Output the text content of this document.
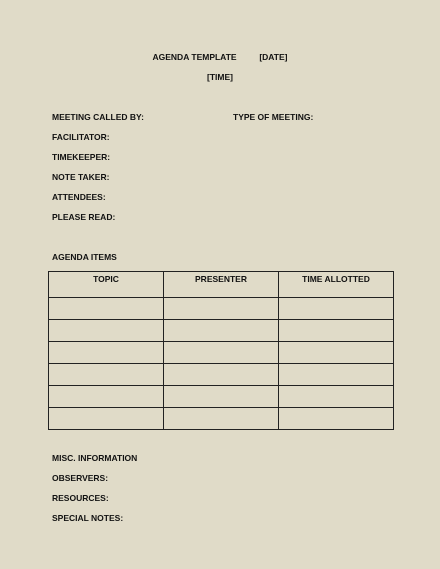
AGENDA TEMPLATE	[DATE]
[TIME]
MEETING CALLED BY:	TYPE OF MEETING:
FACILITATOR:
TIMEKEEPER:
NOTE TAKER:
ATTENDEES:
PLEASE READ:
AGENDA ITEMS
TOPIC	PRESENTER	TIME ALLOTTED

MISC. INFORMATION
OBSERVERS:
RESOURCES:
SPECIAL NOTES:
